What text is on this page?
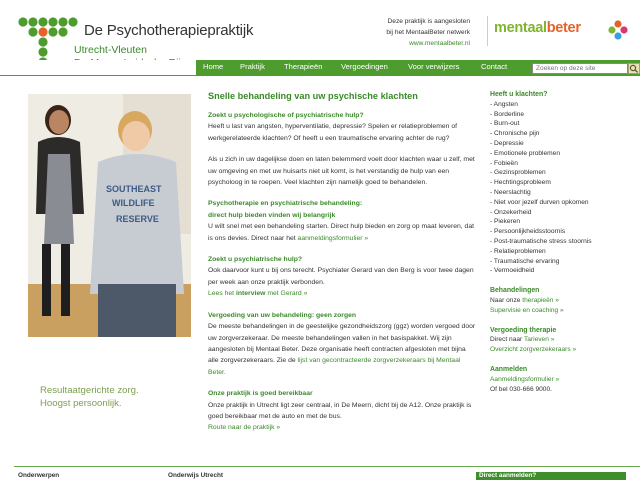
De Psychotherapiepraktijk
Utrecht-Vleuten
Deze praktijk is aangesloten
bij het MentaalBeter netwerk
www.mentaalbeter.nl
mentaalbeter
Home Praktijk	Therapieën Vergoedingen	Voor verwijzers	Contact
Zoeken op deze site
SOUTHEAST
WILDLIFE
RESERVE
Resultaatgerichte zorg.
Hoogst persoonlijk.
Snelle behandeling van uw psychische klachten
Zoekt u psychologische of psychiatrische hulp?
Heeft u last van angsten, hyperventilatie, depressie? Spelen er relatieproblemen of werkgerelateerde klachten? Of heeft u een traumatische ervaring achter de rug?
Als u zich in uw dagelijkse doen en laten belemmerd voelt door klachten waar u zelf, met uw omgeving en met uw huisarts niet uit komt, is het verstandig de hulp van een psycholoog in te roepen. Veel klachten zijn namelijk goed te behandelen.
Psychotherapie en psychiatrische behandeling:
direct hulp bieden vinden wij belangrijk
U wilt snel met een behandeling starten. Direct hulp bieden en zorg op maat leveren, dat is ons devies. Direct naar het aanmeldingsformulier »
Zoekt u psychiatrische hulp?
Ook daarvoor kunt u bij ons terecht. Psychiater Gerard van den Berg is voor twee dagen per week aan onze praktijk verbonden.
Lees het interview met Gerard »
Vergoeding van uw behandeling: geen zorgen
De meeste behandelingen in de geestelijke gezondheidszorg (ggz) worden vergoed door uw zorgverzekeraar. De meeste behandelingen vallen in het basispakket. Wij zijn aangesloten bij Mentaal Beter. Deze organisatie heeft contracten afgesloten met bijna alle zorgverzekeraars. Zie de lijst van gecontracteerde zorgverzekeraars bij Mentaal Beter.
Onze praktijk is goed bereikbaar
Onze praktijk in Utrecht ligt zeer centraal, in De Meern, dicht bij de A12. Onze praktijk is goed bereikbaar met de auto en met de bus.
Route naar de praktijk »
Heeft u klachten?
- Angsten
- Borderline
- Burn-out
- Chronische pijn
- Depressie
- Emotionele problemen
- Fobieën
- Gezinsproblemen
- Hechtingsprobleem
- Neerslachtig
- Niet voor jezelf durven opkomen
- Onzekerheid
- Piekeren
- Persoonlijkheidsstoornis
- Post-traumatische stress stoornis
- Relatieproblemen
- Traumatische ervaring
- Vermoeidheid
Behandelingen
Naar onze therapieën »
Supervisie en coaching »
Vergoeding therapie
Direct naar Tarieven »
Overzicht zorgverzekeraars »
Aanmelden
Aanmeldingsformulier »
Of bel 030-666 9000.
Onderwerpen	Onderwijs Utrecht	Direct aanmelden?
